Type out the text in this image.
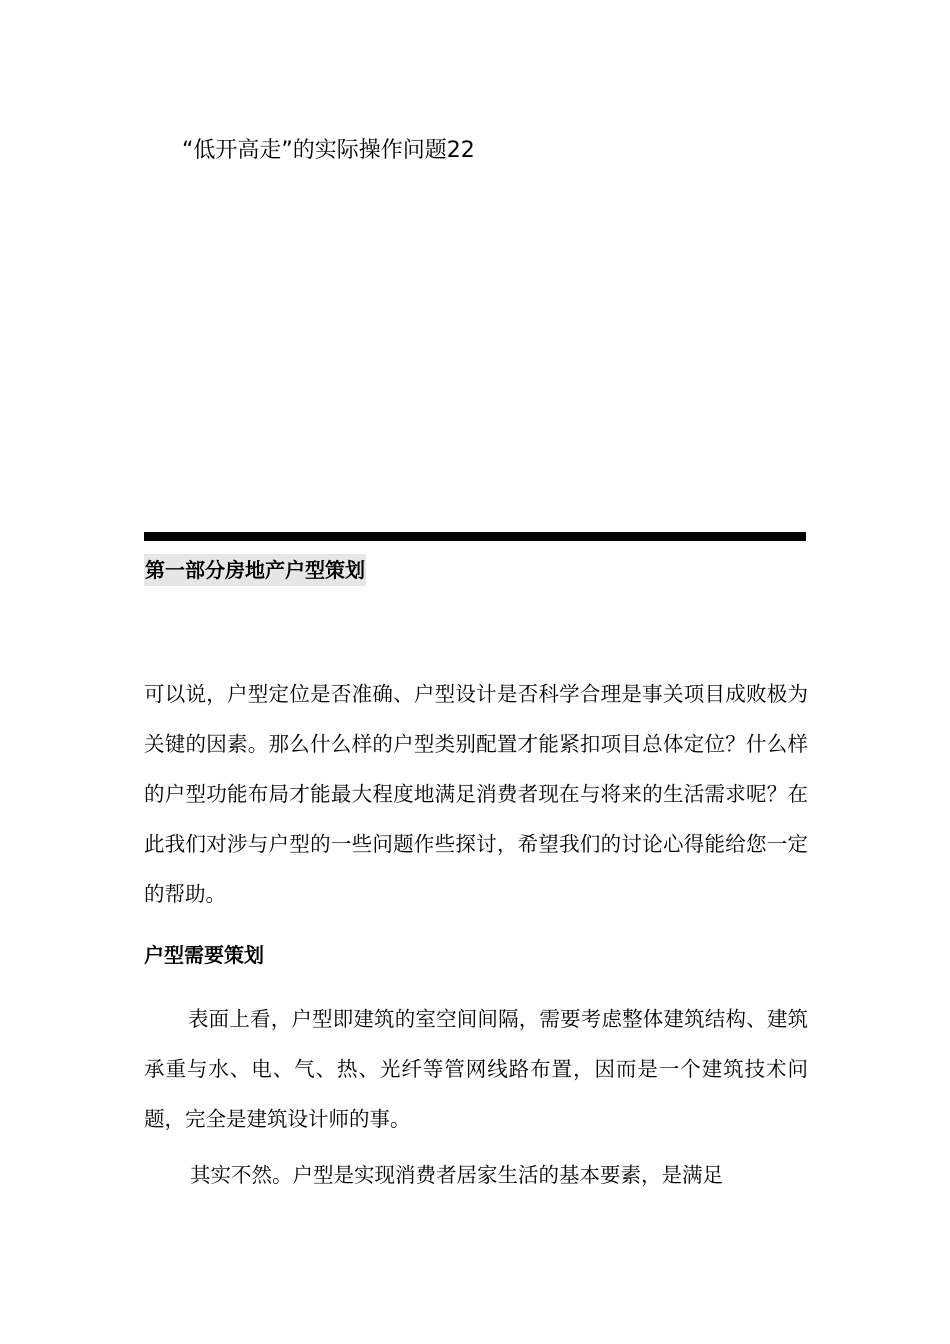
“低开高走”的实际操作问题22
第一部分房地产户型策划

可以说，户型定位是否准确、户型设计是否科学合理是事关项目成败极为关键的因素。那么什么样的户型类别配置才能紧扣项目总体定位？什么样的户型功能布局才能最大程度地满足消费者现在与将来的生活需求呢？在此我们对涉与户型的一些问题作些探讨，希望我们的讨论心得能给您一定的帮助。

户型需要策划

表面上看，户型即建筑的室空间间隔，需要考虑整体建筑结构、建筑承重与水、电、气、热、光纤等管网线路布置，因而是一个建筑技术问题，完全是建筑设计师的事。

其实不然。户型是实现消费者居家生活的基本要素，是满足
